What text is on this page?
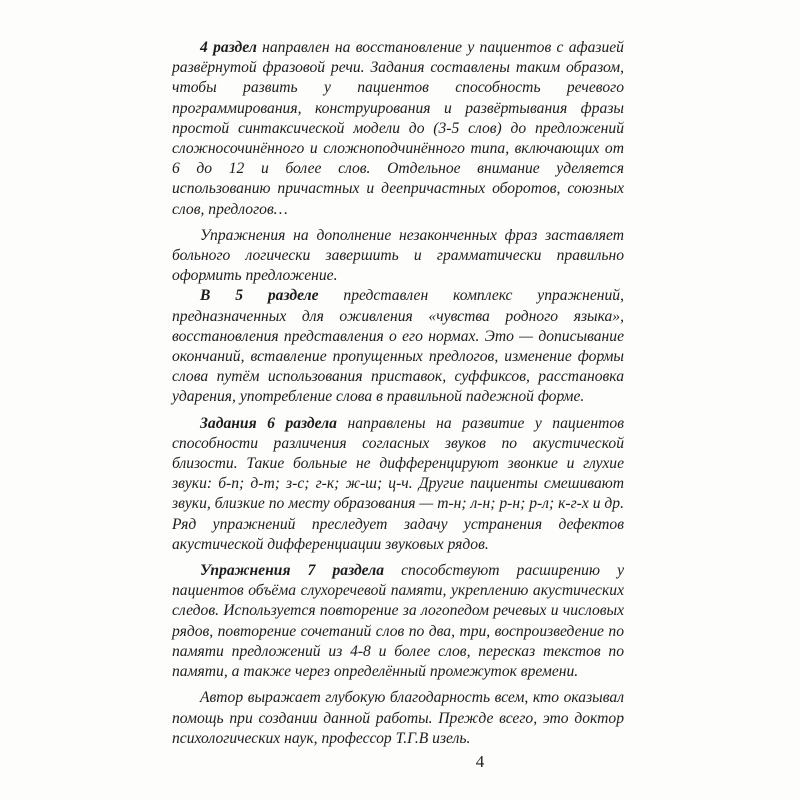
4 раздел направлен на восстановление у пациентов с афазией развёрнутой фразовой речи. Задания составлены таким образом, чтобы развить у пациентов способность речевого программирования, конструирования и развёртывания фразы простой синтаксической модели до (3-5 слов) до предложений сложносочинённого и сложноподчинённого типа, включающих от 6 до 12 и более слов. Отдельное внимание уделяется использованию причастных и деепричастных оборотов, союзных слов, предлогов…

Упражнения на дополнение незаконченных фраз заставляет больного логически завершить и грамматически правильно оформить предложение.

В 5 разделе представлен комплекс упражнений, предназначенных для оживления «чувства родного языка», восстановления представления о его нормах. Это — дописывание окончаний, вставление пропущенных предлогов, изменение формы слова путём использования приставок, суффиксов, расстановка ударения, употребление слова в правильной падежной форме.

Задания 6 раздела направлены на развитие у пациентов способности различения согласных звуков по акустической близости. Такие больные не дифференцируют звонкие и глухие звуки: б-п; д-т; з-с; г-к; ж-ш; ц-ч. Другие пациенты смешивают звуки, близкие по месту образования — т-н; л-н; р-н; р-л; к-г-х и др. Ряд упражнений преследует задачу устранения дефектов акустической дифференциации звуковых рядов.

Упражнения 7 раздела способствуют расширению у пациентов объёма слухоречевой памяти, укреплению акустических следов. Используется повторение за логопедом речевых и числовых рядов, повторение сочетаний слов по два, три, воспроизведение по памяти предложений из 4-8 и более слов, пересказ текстов по памяти, а также через определённый промежуток времени.

Автор выражает глубокую благодарность всем, кто оказывал помощь при создании данной работы. Прежде всего, это доктор психологических наук, профессор Т.Г.В изель.

4
